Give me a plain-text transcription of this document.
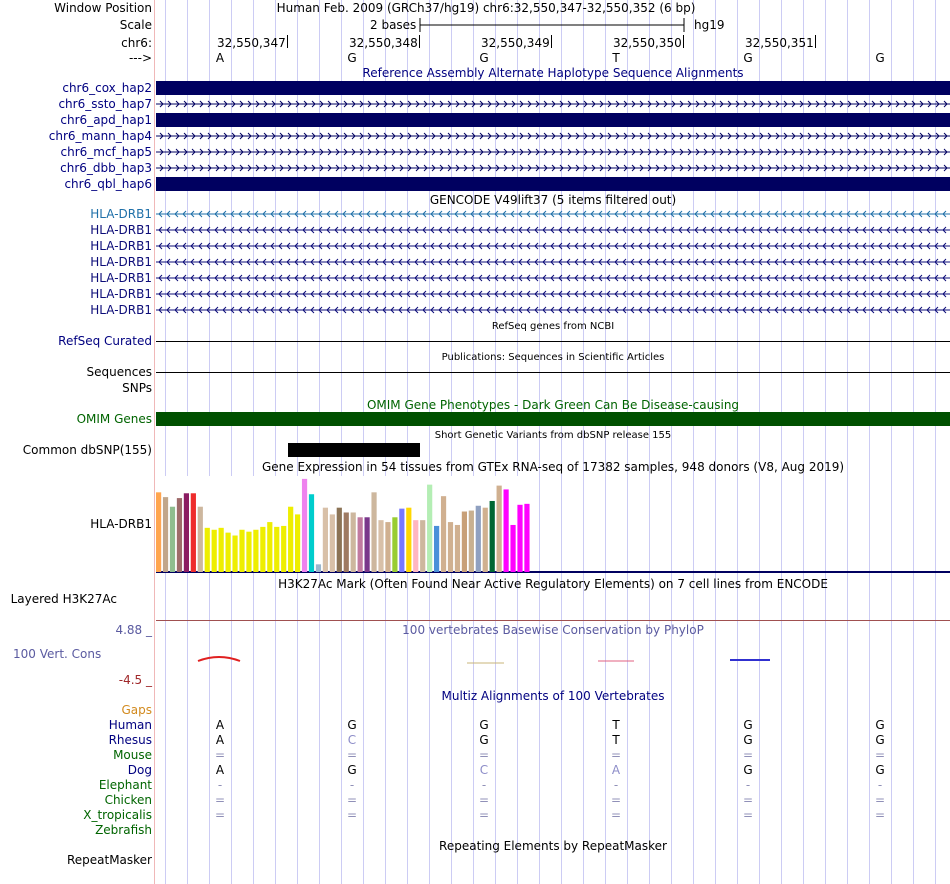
Window Position	Human Feb. 2009 (GRCh37/hg19) chr6:32,550,347-32,550,352 (6 bp)
Scale	2 bases	hg19
chr6:	32,550,347	32,550,348	32,550,349	32,550,350	32,550,351
--->	A	G	G	T	G	G
Reference Assembly Alternate Haplotype Sequence Alignments
chr6_cox_hap2
chr6_ssto_hap7
chr6_apd_hap1
chr6_mann_hap4
chr6_mcf_hap5
chr6_dbb_hap3
chr6_qbl_hap6
GENCODE V49lift37 (5 items filtered out)
HLA-DRB1
HLA-DRB1
HLA-DRB1
HLA-DRB1
HLA-DRB1
HLA-DRB1
HLA-DRB1
RefSeq genes from NCBI
RefSeq Curated
Publications: Sequences in Scientific Articles
Sequences
SNPs
OMIM Gene Phenotypes - Dark Green Can Be Disease-causing
OMIM Genes
Short Genetic Variants from dbSNP release 155
Common dbSNP(155)
Gene Expression in 54 tissues from GTEx RNA-seq of 17382 samples, 948 donors (V8, Aug 2019)
HLA-DRB1
H3K27Ac Mark (Often Found Near Active Regulatory Elements) on 7 cell lines from ENCODE
Layered H3K27Ac
100 vertebrates Basewise Conservation by PhyloP
4.88 _
100 Vert. Cons
-4.5 _
Multiz Alignments of 100 Vertebrates
Gaps
Human	A	G	G	T	G	G
Rhesus	A	C	G	T	G	G
Mouse	=	=	=	=	=	=
Dog	A	G	C	A	G	G
Elephant	-	-	-	-	-	-
Chicken	=	=	=	=	=	=
X_tropicalis	=	=	=	=	=	=
Zebrafish
Repeating Elements by RepeatMasker
RepeatMasker
